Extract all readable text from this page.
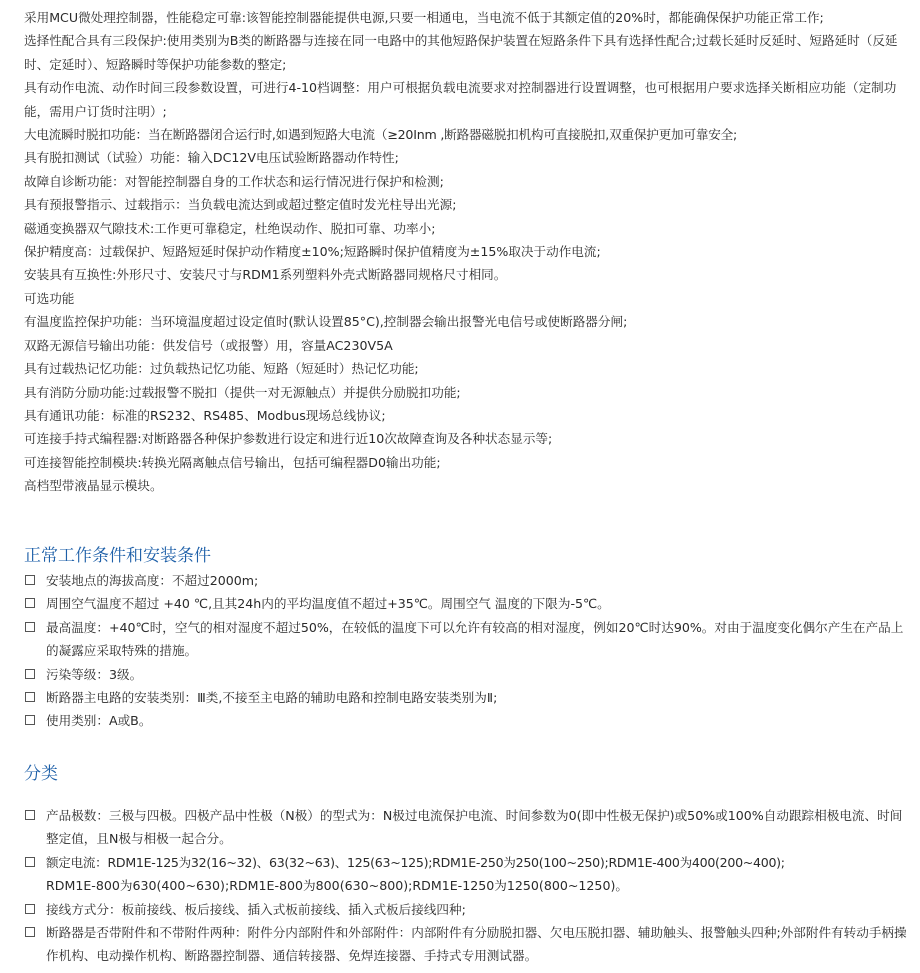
采用MCU微处理控制器，性能稳定可靠:该智能控制器能提供电源,只要一相通电，当电流不低于其额定值的20%时，都能确保保护功能正常工作;
选择性配合具有三段保护:使用类别为B类的断路器与连接在同一电路中的其他短路保护装置在短路条件下具有选择性配合;过载长延时反延时、短路延时（反延时、定延时）、短路瞬时等保护功能参数的整定;
具有动作电流、动作时间三段参数设置，可进行4-10档调整：用户可根据负载电流要求对控制器进行设置调整，也可根据用户要求选择关断相应功能（定制功能，需用户订货时注明）;
大电流瞬时脱扣功能：当在断路器闭合运行时,如遇到短路大电流（≥20Inm ,断路器磁脱扣机构可直接脱扣,双重保护更加可靠安全;
具有脱扣测试（试验）功能：输入DC12V电压试验断路器动作特性;
故障自诊断功能：对智能控制器自身的工作状态和运行情况进行保护和检测;
具有预报警指示、过载指示：当负载电流达到或超过整定值时发光柱导出光源;
磁通变换器双气隙技术:工作更可靠稳定，杜绝误动作、脱扣可靠、功率小;
保护精度高：过载保护、短路短延时保护动作精度±10%;短路瞬时保护值精度为±15%取决于动作电流;
安装具有互换性:外形尺寸、安装尺寸与RDM1系列塑料外壳式断路器同规格尺寸相同。
可选功能
有温度监控保护功能：当环境温度超过设定值时(默认设置85°C),控制器会输出报警光电信号或使断路器分闸;
双路无源信号输出功能：供发信号（或报警）用，容量AC230V5A
具有过载热记忆功能：过负载热记忆功能、短路（短延时）热记忆功能;
具有消防分励功能:过载报警不脱扣（提供一对无源触点）并提供分励脱扣功能;
具有通讯功能：标准的RS232、RS485、Modbus现场总线协议;
可连接手持式编程器:对断路器各种保护参数进行设定和进行近10次故障查询及各种状态显示等;
可连接智能控制模块:转换光隔离触点信号输出，包括可编程器D0输出功能;
高档型带液晶显示模块。
正常工作条件和安装条件
安装地点的海拔高度：不超过2000m;
周围空气温度不超过 +40 ℃,且其24h内的平均温度值不超过+35℃。周围空气 温度的下限为-5℃。
最高温度：+40℃时，空气的相对湿度不超过50%，在较低的温度下可以允许有较高的相对湿度，例如20℃时达90%。对由于温度变化偶尔产生在产品上的凝露应采取特殊的措施。
污染等级：3级。
断路器主电路的安装类别：Ⅲ类,不接至主电路的辅助电路和控制电路安装类别为Ⅱ;
使用类别：A或B。
分类
产品极数：三极与四极。四极产品中性极（N极）的型式为：N极过电流保护电流、时间参数为0(即中性极无保护)或50%或100%自动跟踪相极电流、时间整定值，且N极与相极一起合分。
额定电流：RDM1E-125为32(16~32)、63(32~63)、125(63~125);RDM1E-250为250(100~250);RDM1E-400为400(200~400);
RDM1E-800为630(400~630);RDM1E-800为800(630~800);RDM1E-1250为1250(800~1250)。
接线方式分：板前接线、板后接线、插入式板前接线、插入式板后接线四种;
断路器是否带附件和不带附件两种：附件分内部附件和外部附件：内部附件有分励脱扣器、欠电压脱扣器、辅助触头、报警触头四种;外部附件有转动手柄操作机构、电动操作机构、断路器控制器、通信转接器、免焊连接器、手持式专用测试器。
